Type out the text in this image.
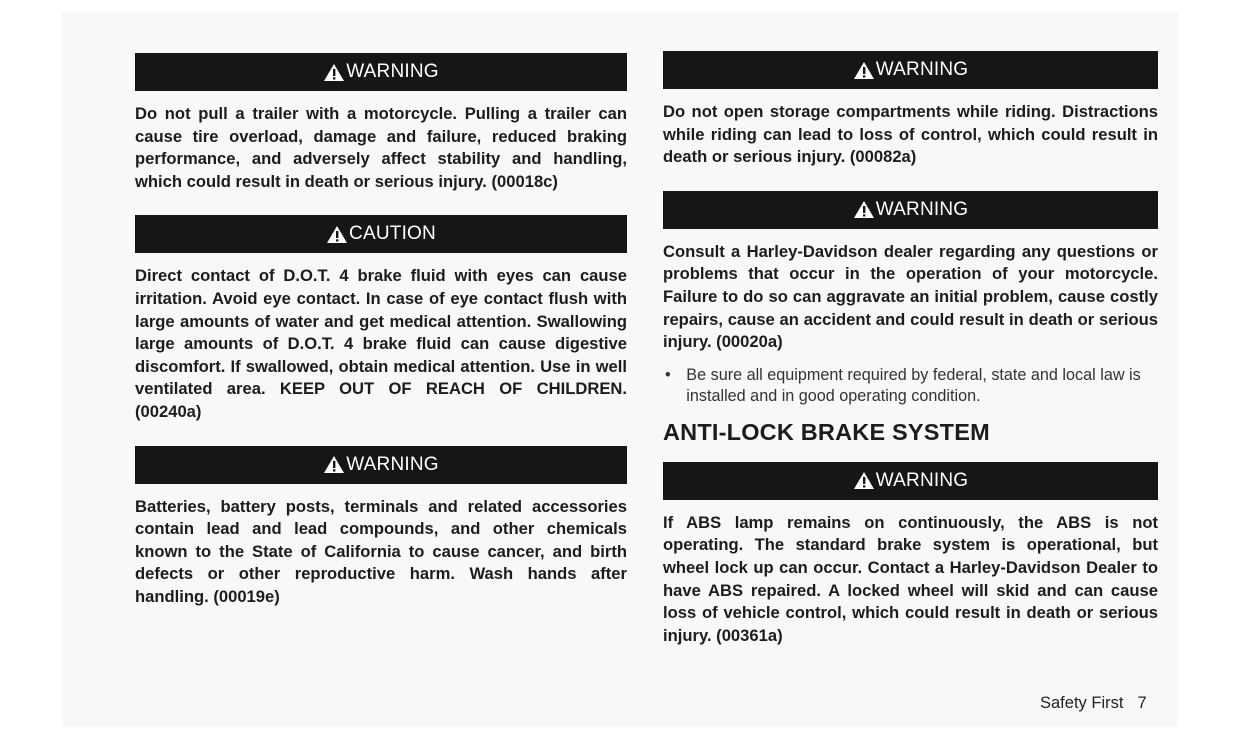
WARNING

Do not pull a trailer with a motorcycle. Pulling a trailer can cause tire overload, damage and failure, reduced braking performance, and adversely affect stability and handling, which could result in death or serious injury. (00018c)

CAUTION

Direct contact of D.O.T. 4 brake fluid with eyes can cause irritation. Avoid eye contact. In case of eye contact flush with large amounts of water and get medical attention. Swallowing large amounts of D.O.T. 4 brake fluid can cause digestive discomfort. If swallowed, obtain medical attention. Use in well ventilated area. KEEP OUT OF REACH OF CHILDREN. (00240a)

WARNING

Batteries, battery posts, terminals and related accessories contain lead and lead compounds, and other chemicals known to the State of California to cause cancer, and birth defects or other reproductive harm. Wash hands after handling. (00019e)

WARNING

Do not open storage compartments while riding. Distractions while riding can lead to loss of control, which could result in death or serious injury. (00082a)

WARNING

Consult a Harley-Davidson dealer regarding any questions or problems that occur in the operation of your motorcycle. Failure to do so can aggravate an initial problem, cause costly repairs, cause an accident and could result in death or serious injury. (00020a)

• Be sure all equipment required by federal, state and local law is installed and in good operating condition.
ANTI-LOCK BRAKE SYSTEM
WARNING

If ABS lamp remains on continuously, the ABS is not operating. The standard brake system is operational, but wheel lock up can occur. Contact a Harley-Davidson Dealer to have ABS repaired. A locked wheel will skid and can cause loss of vehicle control, which could result in death or serious injury. (00361a)

Safety First 7
